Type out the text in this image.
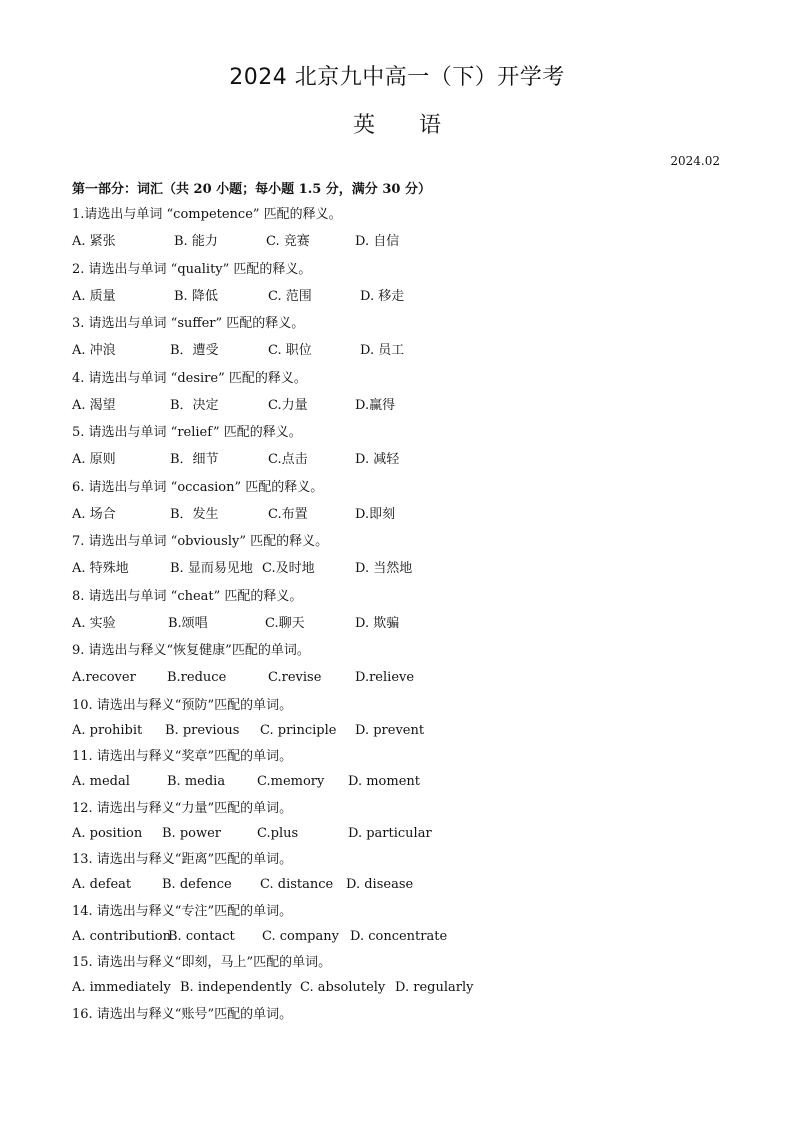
2024 北京九中高一（下）开学考
英　　语
2024.02
第一部分：词汇（共 20 小题；每小题 1.5 分，满分 30 分）
1.请选出与单词 “competence” 匹配的释义。
A. 紧张	B. 能力	C. 竞赛	D. 自信
2. 请选出与单词 “quality” 匹配的释义。
A. 质量	B. 降低	C. 范围	D. 移走
3. 请选出与单词 “suffer” 匹配的释义。
A. 冲浪	B．遭受	C. 职位	D. 员工
4. 请选出与单词 “desire” 匹配的释义。
A. 渴望	B．决定	C.力量	D.赢得
5. 请选出与单词 “relief” 匹配的释义。
A. 原则	B．细节	C.点击	D. 减轻
6. 请选出与单词 “occasion” 匹配的释义。
A. 场合	B．发生	C.布置	D.即刻
7. 请选出与单词 “obviously” 匹配的释义。
A. 特殊地	B. 显而易见地 C.及时地	D. 当然地
8. 请选出与单词 “cheat” 匹配的释义。
A. 实验	B.颂唱	C.聊天	D. 欺骗
9. 请选出与释义“恢复健康”匹配的单词。
A.recover B.reduce	C.revise	D.relieve
10. 请选出与释义“预防”匹配的单词。
A. prohibit B. previous C. principle D. prevent
11. 请选出与释义“奖章”匹配的单词。
A. medal	B. media C.memory D. moment
12. 请选出与释义“力量”匹配的单词。
A. position B. power	C.plus	D. particular
13. 请选出与释义“距离”匹配的单词。
A. defeat B. defence C. distance D. disease
14. 请选出与释义“专注”匹配的单词。
A. contribution
B. contact C. company D. concentrate
15. 请选出与释义“即刻，马上”匹配的单词。
A. immediately B. independently C. absolutely D. regularly
16. 请选出与释义“账号”匹配的单词。
